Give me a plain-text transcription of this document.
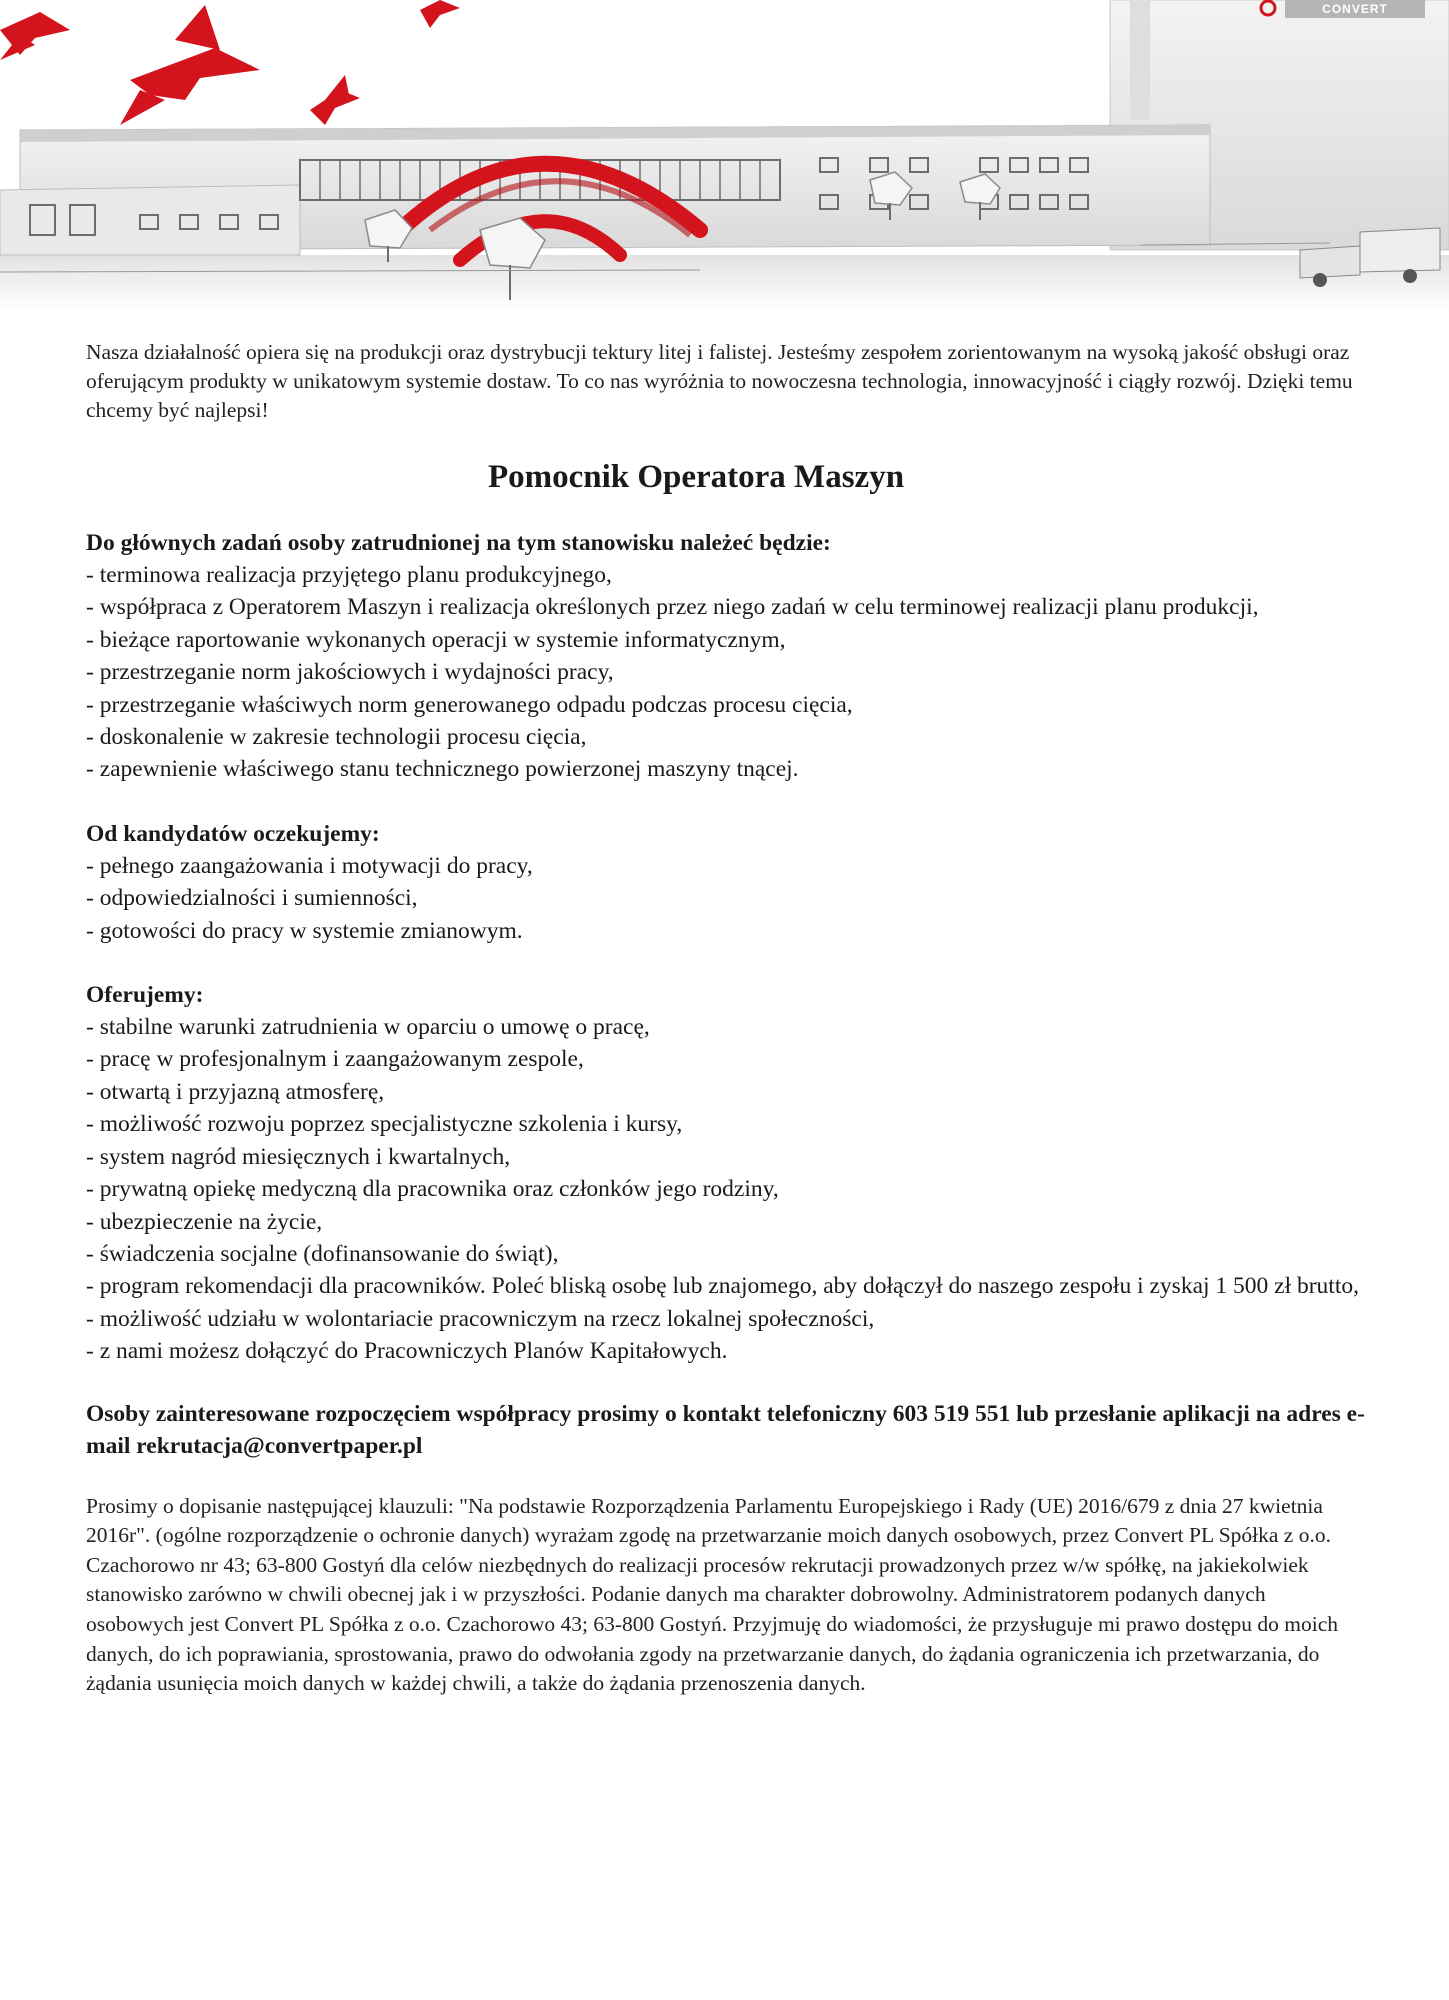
CONVERT

Nasza działalność opiera się na produkcji oraz dystrybucji tektury litej i falistej. Jesteśmy zespołem zorientowanym na wysoką jakość obsługi oraz oferującym produkty w unikatowym systemie dostaw. To co nas wyróżnia to nowoczesna technologia, innowacyjność i ciągły rozwój. Dzięki temu chcemy być najlepsi!

Pomocnik Operatora Maszyn

Do głównych zadań osoby zatrudnionej na tym stanowisku należeć będzie:

- terminowa realizacja przyjętego planu produkcyjnego,
- współpraca z Operatorem Maszyn i realizacja określonych przez niego zadań w celu terminowej realizacji planu produkcji,
- bieżące raportowanie wykonanych operacji w systemie informatycznym,
- przestrzeganie norm jakościowych i wydajności pracy,
- przestrzeganie właściwych norm generowanego odpadu podczas procesu cięcia,
- doskonalenie w zakresie technologii procesu cięcia,
- zapewnienie właściwego stanu technicznego powierzonej maszyny tnącej.

Od kandydatów oczekujemy:

- pełnego zaangażowania i motywacji do pracy,
- odpowiedzialności i sumienności,
- gotowości do pracy w systemie zmianowym.

Oferujemy:

- stabilne warunki zatrudnienia w oparciu o umowę o pracę,
- pracę w profesjonalnym i zaangażowanym zespole,
- otwartą i przyjazną atmosferę,
- możliwość rozwoju poprzez specjalistyczne szkolenia i kursy,
- system nagród miesięcznych i kwartalnych,
- prywatną opiekę medyczną dla pracownika oraz członków jego rodziny,
- ubezpieczenie na życie,
- świadczenia socjalne (dofinansowanie do świąt),
- program rekomendacji dla pracowników. Poleć bliską osobę lub znajomego, aby dołączył do naszego zespołu i zyskaj 1 500 zł brutto,
- możliwość udziału w wolontariacie pracowniczym na rzecz lokalnej społeczności,
- z nami możesz dołączyć do Pracowniczych Planów Kapitałowych.

Osoby zainteresowane rozpoczęciem współpracy prosimy o kontakt telefoniczny 603 519 551 lub przesłanie aplikacji na adres e-mail rekrutacja@convertpaper.pl

Prosimy o dopisanie następującej klauzuli: "Na podstawie Rozporządzenia Parlamentu Europejskiego i Rady (UE) 2016/679 z dnia 27 kwietnia 2016r". (ogólne rozporządzenie o ochronie danych) wyrażam zgodę na przetwarzanie moich danych osobowych, przez Convert PL Spółka z o.o. Czachorowo nr 43; 63-800 Gostyń dla celów niezbędnych do realizacji procesów rekrutacji prowadzonych przez w/w spółkę, na jakiekolwiek stanowisko zarówno w chwili obecnej jak i w przyszłości. Podanie danych ma charakter dobrowolny. Administratorem podanych danych osobowych jest Convert PL Spółka z o.o. Czachorowo 43; 63-800 Gostyń. Przyjmuję do wiadomości, że przysługuje mi prawo dostępu do moich danych, do ich poprawiania, sprostowania, prawo do odwołania zgody na przetwarzanie danych, do żądania ograniczenia ich przetwarzania, do żądania usunięcia moich danych w każdej chwili, a także do żądania przenoszenia danych.
